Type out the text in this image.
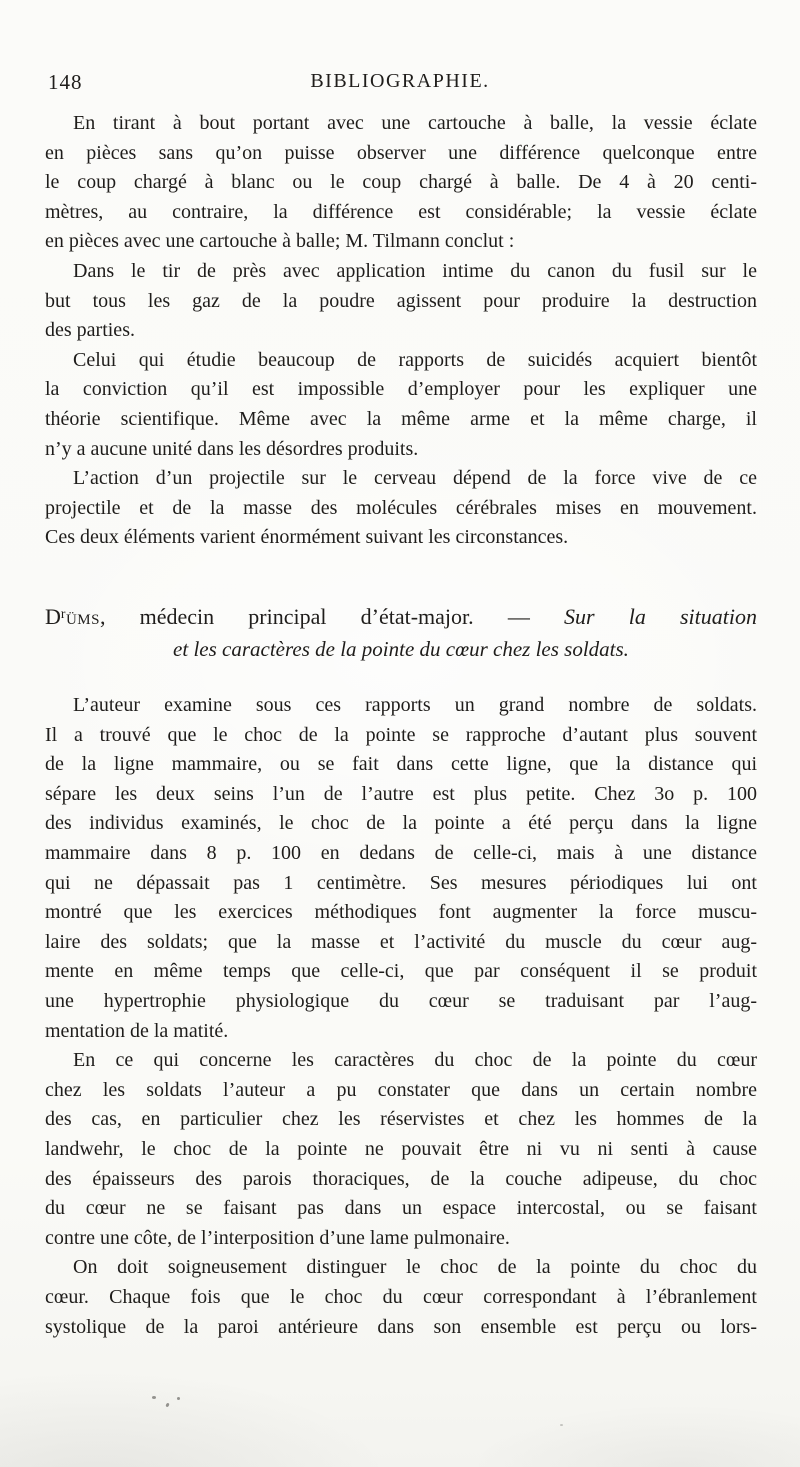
148	BIBLIOGRAPHIE.
En tirant à bout portant avec une cartouche à balle, la vessie éclate
en pièces sans qu’on puisse observer une différence quelconque entre
le coup chargé à blanc ou le coup chargé à balle. De 4 à 20 centi-
mètres, au contraire, la différence est considérable; la vessie éclate
en pièces avec une cartouche à balle; M. Tilmann conclut :
Dans le tir de près avec application intime du canon du fusil sur le
but tous les gaz de la poudre agissent pour produire la destruction
des parties.
Celui qui étudie beaucoup de rapports de suicidés acquiert bientôt
la conviction qu’il est impossible d’employer pour les expliquer une
théorie scientifique. Même avec la même arme et la même charge, il
n’y a aucune unité dans les désordres produits.
L’action d’un projectile sur le cerveau dépend de la force vive de ce
projectile et de la masse des molécules cérébrales mises en mouvement.
Ces deux éléments varient énormément suivant les circonstances.
$D^rüms$, médecin principal d’état-major. — Sur la situation
et les caractères de la pointe du cœur chez les soldats.
L’auteur examine sous ces rapports un grand nombre de soldats.
Il a trouvé que le choc de la pointe se rapproche d’autant plus souvent
de la ligne mammaire, ou se fait dans cette ligne, que la distance qui
sépare les deux seins l’un de l’autre est plus petite. Chez 3o p. 100
des individus examinés, le choc de la pointe a été perçu dans la ligne
mammaire dans 8 p. 100 en dedans de celle-ci, mais à une distance
qui ne dépassait pas 1 centimètre. Ses mesures périodiques lui ont
montré que les exercices méthodiques font augmenter la force muscu-
laire des soldats; que la masse et l’activité du muscle du cœur aug-
mente en même temps que celle-ci, que par conséquent il se produit
une hypertrophie physiologique du cœur se traduisant par l’aug-
mentation de la matité.
En ce qui concerne les caractères du choc de la pointe du cœur
chez les soldats l’auteur a pu constater que dans un certain nombre
des cas, en particulier chez les réservistes et chez les hommes de la
landwehr, le choc de la pointe ne pouvait être ni vu ni senti à cause
des épaisseurs des parois thoraciques, de la couche adipeuse, du choc
du cœur ne se faisant pas dans un espace intercostal, ou se faisant
contre une côte, de l’interposition d’une lame pulmonaire.
On doit soigneusement distinguer le choc de la pointe du choc du
cœur. Chaque fois que le choc du cœur correspondant à l’ébranlement
systolique de la paroi antérieure dans son ensemble est perçu ou lors-
